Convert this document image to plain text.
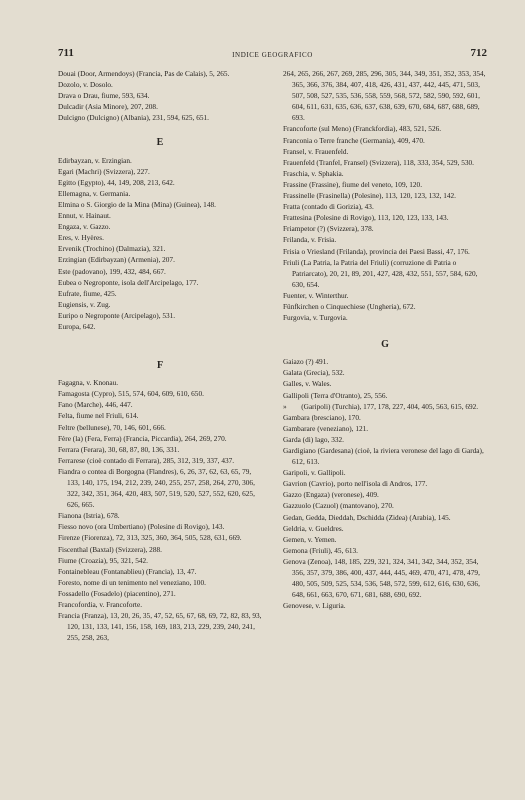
711	INDICE GEOGRAFICO	712
Douai (Door, Armendoys) (Francia, Pas de Calais), 5, 265.
Dozolo, v. Dosolo.
Drava o Drau, fiume, 593, 634.
Dulcadir (Asia Minore), 207, 208.
Dulcigno (Dulcigno) (Albania), 231, 594, 625, 651.
E
Edirbayzan, v. Erzingian.
Egari (Machri) (Svizzera), 227.
Egitto (Egypto), 44, 149, 208, 213, 642.
Ellemagna, v. Germania.
Elmina o S. Giorgio de la Mina (Mina) (Guinea), 148.
Ennut, v. Hainaut.
Engaza, v. Gazzo.
Eres, v. Hyères.
Ervenik (Trochino) (Dalmazia), 321.
Erzingian (Edirbayzan) (Armenia), 207.
Este (padovano), 199, 432, 484, 667.
Eubea o Negroponte, isola dell'Arcipelago, 177.
Eufrate, fiume, 425.
Eugiensis, v. Zug.
Euripo o Negroponte (Arcipelago), 531.
Europa, 642.
F
Fagagna, v. Knonau.
Famagosta (Cypro), 515, 574, 604, 609, 610, 650.
Fano (Marche), 446, 447.
Felta, fiume nel Friuli, 614.
Feltre (bellunese), 70, 146, 601, 666.
Fère (la) (Fera, Ferra) (Francia, Piccardia), 264, 269, 270.
Ferrara (Ferara), 30, 68, 87, 80, 136, 331.
Ferrarese (cioè contado di Ferrara), 285, 312, 319, 337, 437.
Fiandra o contea di Borgogna (Flandres), 6, 26, 37, 62, 63, 65, 79, 133, 140, 175, 194, 212, 239, 240, 255, 257, 258, 264, 270, 306, 322, 342, 351, 364, 420, 483, 507, 519, 520, 527, 552, 620, 625, 626, 665.
Fianona (Istria), 678.
Fiesso novo (ora Umbertiano) (Polesine di Rovigo), 143.
Firenze (Fiorenza), 72, 313, 325, 360, 364, 505, 528, 631, 669.
Fiscenthal (Baxtal) (Svizzera), 288.
Fiume (Croazia), 95, 321, 542.
Fontainebleau (Fontanablieu) (Francia), 13, 47.
Foresto, nome di un tenimento nel veneziano, 100.
Fossadello (Fosadelo) (piacentino), 271.
Francofordia, v. Francoforte.
Francia (Franza), 13, 20, 26, 35, 47, 52, 65, 67, 68, 69, 72, 82, 83, 93, 120, 131, 133, 141, 156, 158, 169, 183, 213, 229, 239, 240, 241, 255, 258, 263,
264, 265, 266, 267, 269, 285, 296, 305, 344, 349, 351, 352, 353, 354, 365, 366, 376, 384, 407, 418, 426, 431, 437, 442, 445, 471, 503, 507, 508, 527, 535, 536, 558, 559, 568, 572, 582, 590, 592, 601, 604, 611, 631, 635, 636, 637, 638, 639, 670, 684, 687, 688, 689, 693.
Francoforte (sul Meno) (Franckfordia), 483, 521, 526.
Franconia o Terre franche (Germania), 409, 470.
Fransel, v. Frauenfeld.
Frauenfeld (Tranfel, Fransel) (Svizzera), 118, 333, 354, 529, 530.
Fraschia, v. Sphakia.
Frassine (Frassine), fiume del veneto, 109, 120.
Frassinelle (Frasinella) (Polesine), 113, 120, 123, 132, 142.
Fratta (contado di Gorizia), 43.
Frattesina (Polesine di Rovigo), 113, 120, 123, 133, 143.
Friampetor (?) (Svizzera), 378.
Frilanda, v. Frisia.
Frisia o Vriesland (Frilanda), provincia dei Paesi Bassi, 47, 176.
Friuli (La Patria, la Patria del Friuli) (corruzione di Patria o Patriarcato), 20, 21, 89, 201, 427, 428, 432, 551, 557, 584, 620, 630, 654.
Fuenter, v. Winterthur.
Fünfkirchen o Cinquechiese (Ungheria), 672.
Furgovia, v. Turgovia.
G
Gaiazo (?) 491.
Galata (Grecia), 532.
Galles, v. Wales.
Gallipoli (Terra d'Otranto), 25, 556.
»        (Garipoli) (Turchia), 177, 178, 227, 404, 405, 563, 615, 692.
Gambara (bresciano), 170.
Gambarare (veneziano), 121.
Garda (di) lago, 332.
Gardigiano (Gardesana) (cioè, la riviera veronese del lago di Garda), 612, 613.
Garipoli, v. Gallipoli.
Gavrion (Cavrio), porto nell'isola di Andros, 177.
Gazzo (Engaza) (veronese), 409.
Gazzuolo (Cazuol) (mantovano), 270.
Gedan, Gedda, Dieddah, Dschidda (Zidea) (Arabia), 145.
Geldria, v. Gueldres.
Gemen, v. Yemen.
Gemona (Friuli), 45, 613.
Genova (Zenoa), 148, 185, 229, 321, 324, 341, 342, 344, 352, 354, 356, 357, 379, 386, 400, 437, 444, 445, 469, 470, 471, 478, 479, 480, 505, 509, 525, 534, 536, 548, 572, 599, 612, 616, 630, 636, 648, 661, 663, 670, 671, 681, 688, 690, 692.
Genovese, v. Liguria.
